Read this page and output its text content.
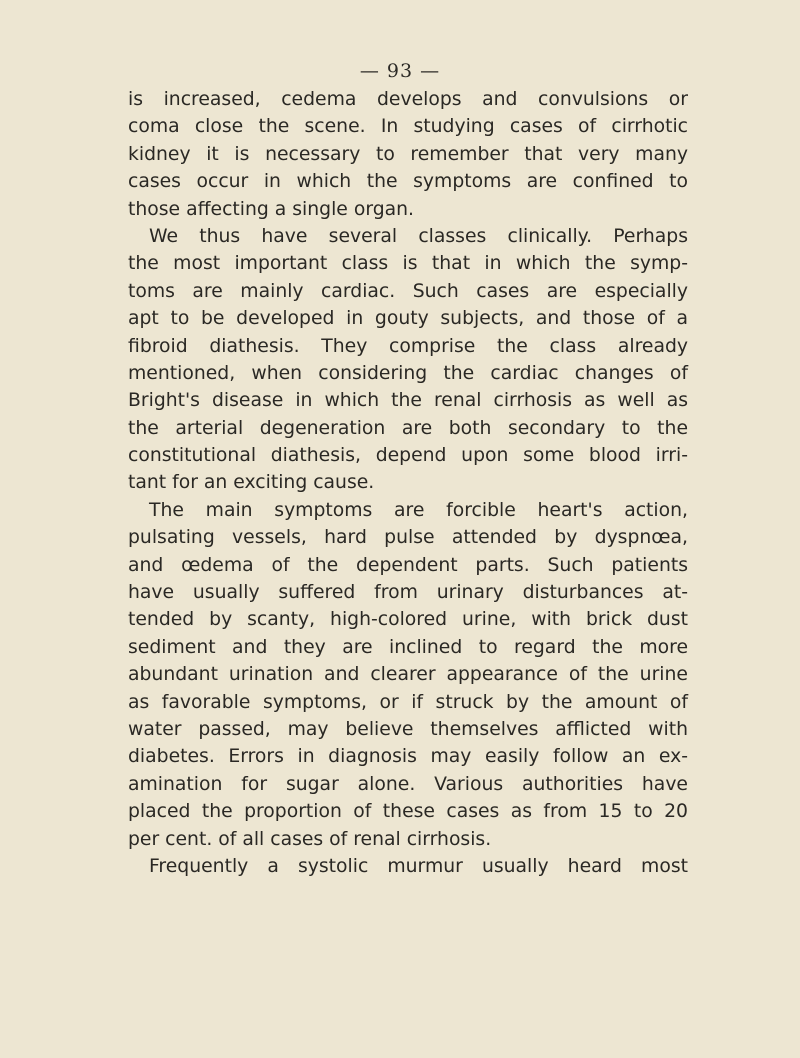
— 93 —
is increased, cedema develops and convulsions or
coma close the scene. In studying cases of cirrhotic
kidney it is necessary to remember that very many
cases occur in which the symptoms are confined to
those affecting a single organ.
We thus have several classes clinically. Perhaps
the most important class is that in which the symp-
toms are mainly cardiac. Such cases are especially
apt to be developed in gouty subjects, and those of a
fibroid diathesis. They comprise the class already
mentioned, when considering the cardiac changes of
Bright's disease in which the renal cirrhosis as well as
the arterial degeneration are both secondary to the
constitutional diathesis, depend upon some blood irri-
tant for an exciting cause.
The main symptoms are forcible heart's action,
pulsating vessels, hard pulse attended by dyspnœa,
and œdema of the dependent parts. Such patients
have usually suffered from urinary disturbances at-
tended by scanty, high-colored urine, with brick dust
sediment and they are inclined to regard the more
abundant urination and clearer appearance of the urine
as favorable symptoms, or if struck by the amount of
water passed, may believe themselves afflicted with
diabetes. Errors in diagnosis may easily follow an ex-
amination for sugar alone. Various authorities have
placed the proportion of these cases as from 15 to 20
per cent. of all cases of renal cirrhosis.
Frequently a systolic murmur usually heard most
